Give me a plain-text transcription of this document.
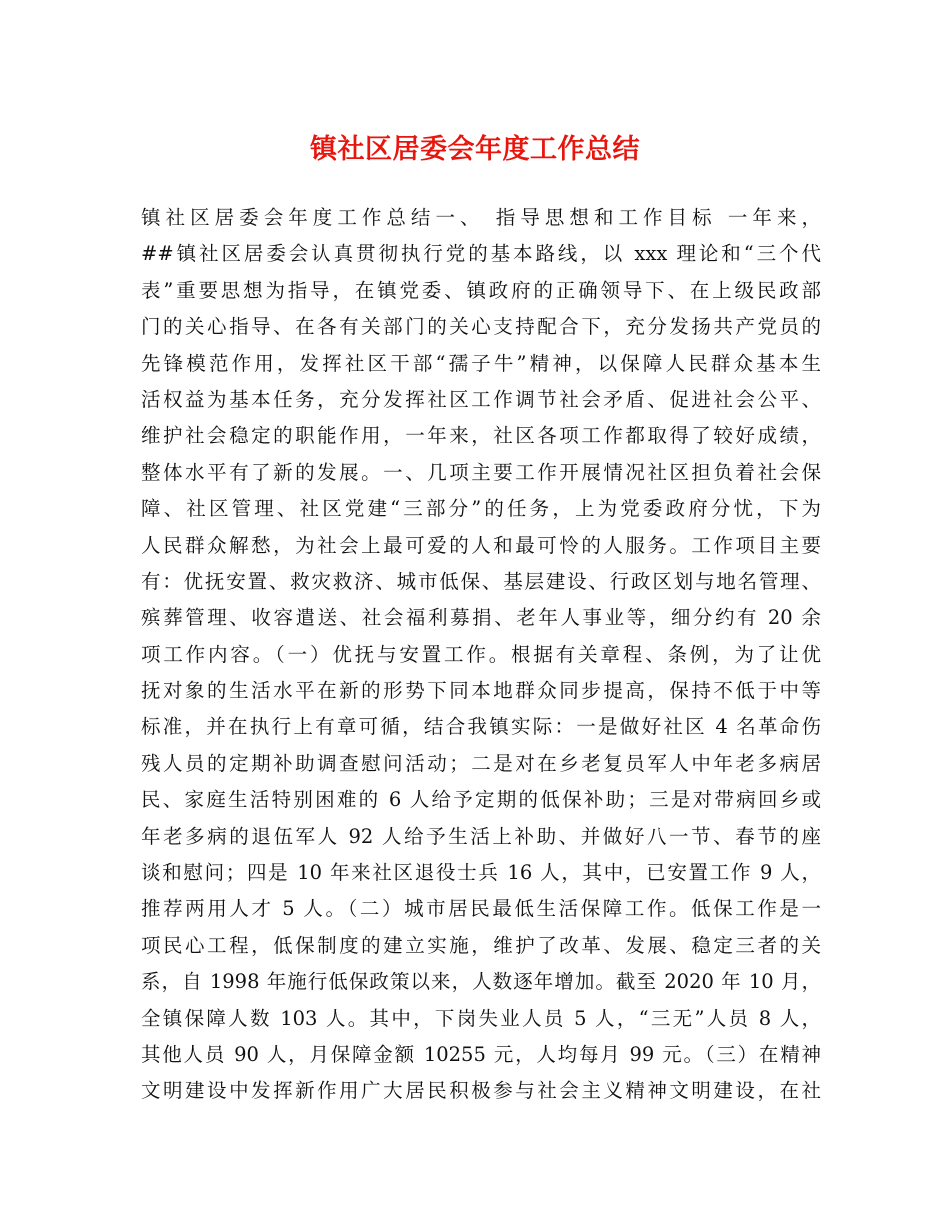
镇社区居委会年度工作总结
镇社区居委会年度工作总结一、 指导思想和工作目标 一年来，
##镇社区居委会认真贯彻执行党的基本路线，以 xxx 理论和“三个代
表”重要思想为指导，在镇党委、镇政府的正确领导下、在上级民政部
门的关心指导、在各有关部门的关心支持配合下，充分发扬共产党员的
先锋模范作用，发挥社区干部“孺子牛”精神，以保障人民群众基本生
活权益为基本任务，充分发挥社区工作调节社会矛盾、促进社会公平、
维护社会稳定的职能作用，一年来，社区各项工作都取得了较好成绩，
整体水平有了新的发展。一、几项主要工作开展情况社区担负着社会保
障、社区管理、社区党建“三部分”的任务，上为党委政府分忧，下为
人民群众解愁，为社会上最可爱的人和最可怜的人服务。工作项目主要
有：优抚安置、救灾救济、城市低保、基层建设、行政区划与地名管理、
殡葬管理、收容遣送、社会福利募捐、老年人事业等，细分约有 20 余
项工作内容。（一）优抚与安置工作。根据有关章程、条例，为了让优
抚对象的生活水平在新的形势下同本地群众同步提高，保持不低于中等
标准，并在执行上有章可循，结合我镇实际：一是做好社区 4 名革命伤
残人员的定期补助调查慰问活动；二是对在乡老复员军人中年老多病居
民、家庭生活特别困难的 6 人给予定期的低保补助；三是对带病回乡或
年老多病的退伍军人 92 人给予生活上补助、并做好八一节、春节的座
谈和慰问；四是 10 年来社区退役士兵 16 人，其中，已安置工作 9 人，
推荐两用人才 5 人。（二）城市居民最低生活保障工作。低保工作是一
项民心工程，低保制度的建立实施，维护了改革、发展、稳定三者的关
系，自 1998 年施行低保政策以来，人数逐年增加。截至 2020 年 10 月，
全镇保障人数 103 人。其中，下岗失业人员 5 人，“三无”人员 8 人，
其他人员 90 人，月保障金额 10255 元，人均每月 99 元。（三）在精神
文明建设中发挥新作用广大居民积极参与社会主义精神文明建设，在社
